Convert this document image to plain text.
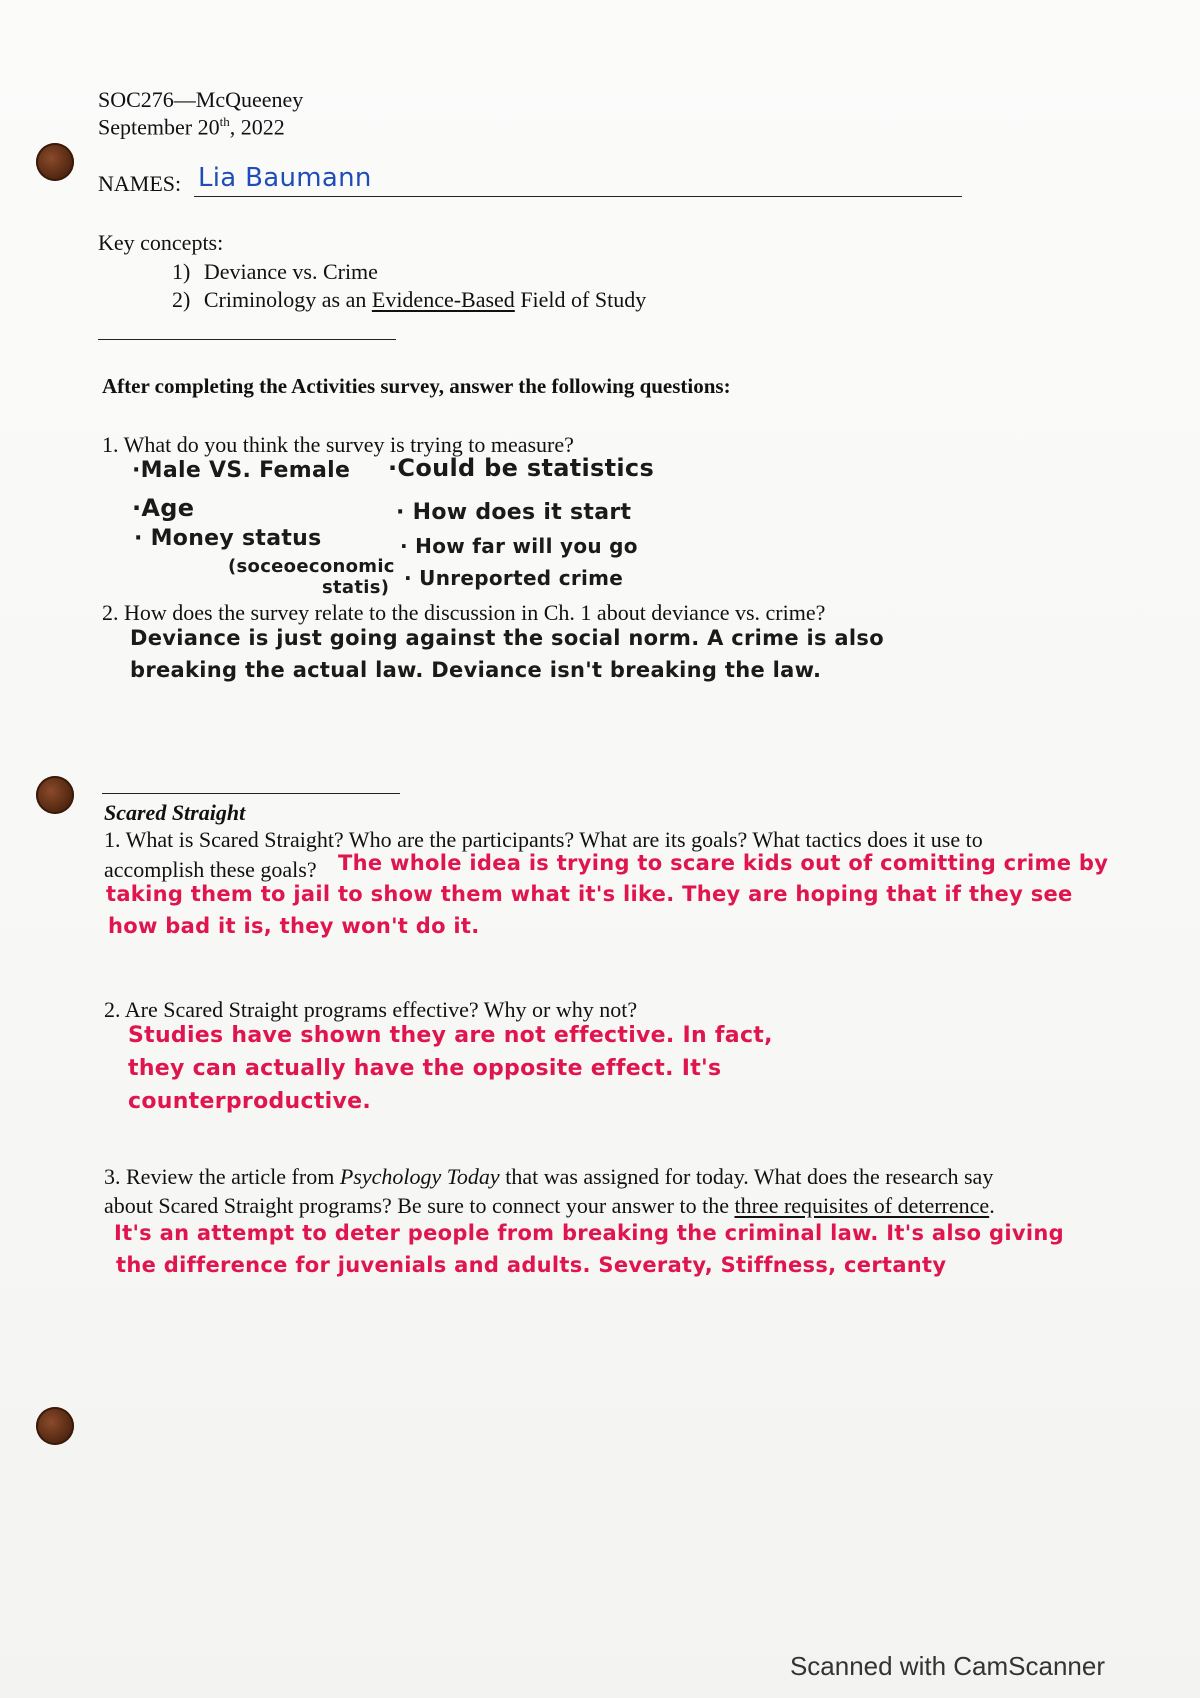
SOC276—McQueeney
September 20th, 2022
NAMES: Lia Baumann
Key concepts:
1) Deviance vs. Crime
2) Criminology as an Evidence-Based Field of Study
After completing the Activities survey, answer the following questions:
1. What do you think the survey is trying to measure?
·Male VS. Female ·Could be statistics
·Age	· How does it start
· Money status	· How far will you go
(soceoeconomic
statis) · Unreported crime
2. How does the survey relate to the discussion in Ch. 1 about deviance vs. crime?
Deviance is just going against the social norm. A crime is also
breaking the actual law. Deviance isn't breaking the law.
Scared Straight
1. What is Scared Straight? Who are the participants? What are its goals? What tactics does it use to
accomplish these goals? The whole idea is trying to scare kids out of comitting crime by
taking them to jail to show them what it's like. They are hoping that if they see
how bad it is, they won't do it.
2. Are Scared Straight programs effective? Why or why not?
Studies have shown they are not effective. In fact,
they can actually have the opposite effect. It's
counterproductive.
3. Review the article from Psychology Today that was assigned for today. What does the research say
about Scared Straight programs? Be sure to connect your answer to the three requisites of deterrence.
It's an attempt to deter people from breaking the criminal law. It's also giving
the difference for juvenials and adults. Severaty, Stiffness, certanty
Scanned with CamScanner
